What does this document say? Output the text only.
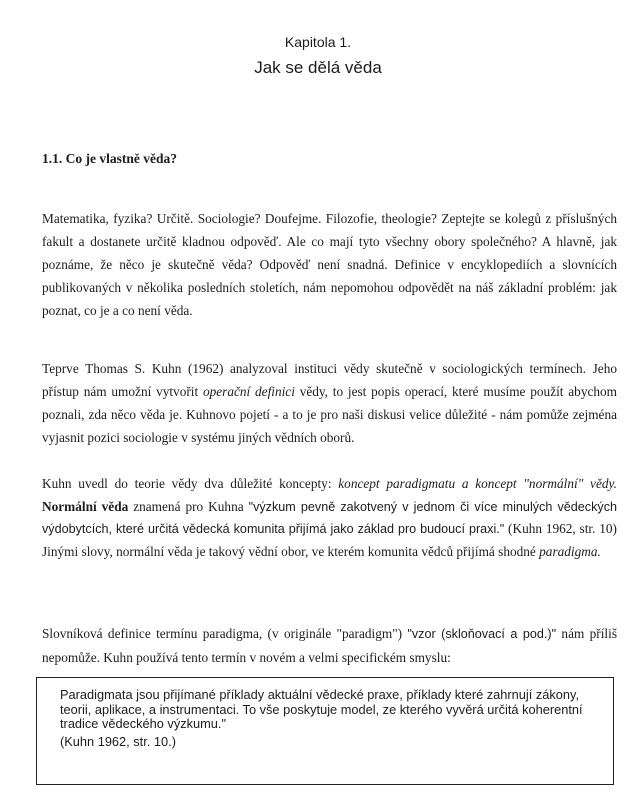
Kapitola 1.
Jak se dělá věda
1.1. Co je vlastně věda?

Matematika, fyzika? Určitě. Sociologie? Doufejme. Filozofie, theologie? Zeptejte se kolegů z příslušných fakult a dostanete určitě kladnou odpověď. Ale co mají tyto všechny obory společného? A hlavně, jak poznáme, že něco je skutečně věda? Odpověď není snadná. Definice v encyklopediích a slovnících publikovaných v několika posledních stoletích, nám nepomohou odpovědět na náš základní problém: jak poznat, co je a co není věda.

Teprve Thomas S. Kuhn (1962) analyzoval instituci vědy skutečně v sociologických termínech. Jeho přístup nám umožní vytvořit operační definici vědy, to jest popis operací, které musíme použít abychom poznali, zda něco věda je. Kuhnovo pojetí - a to je pro naši diskusi velice důležité - nám pomůže zejména vyjasnit pozici sociologie v systému jiných vědních oborů.

Kuhn uvedl do teorie vědy dva důležité koncepty: koncept paradigmatu a koncept "normální" vědy. Normální věda znamená pro Kuhna "výzkum pevně zakotvený v jednom či více minulých vědeckých výdobytcích, které určitá vědecká komunita přijímá jako základ pro budoucí praxi." (Kuhn 1962, str. 10) Jinými slovy, normální věda je takový vědní obor, ve kterém komunita vědců přijímá shodné paradigma.

Slovníková definice termínu paradigma, (v originále "paradigm") "vzor (skloňovací a pod.)" nám příliš nepomůže. Kuhn používá tento termín v novém a velmi specifickém smyslu:

Paradigmata jsou přijímané příklady aktuální vědecké praxe, příklady které zahrnují zákony, teorii, aplikace, a instrumentaci. To vše poskytuje model, ze kterého vyvěrá určitá koherentní tradice vědeckého výzkumu."

(Kuhn 1962, str. 10.)
